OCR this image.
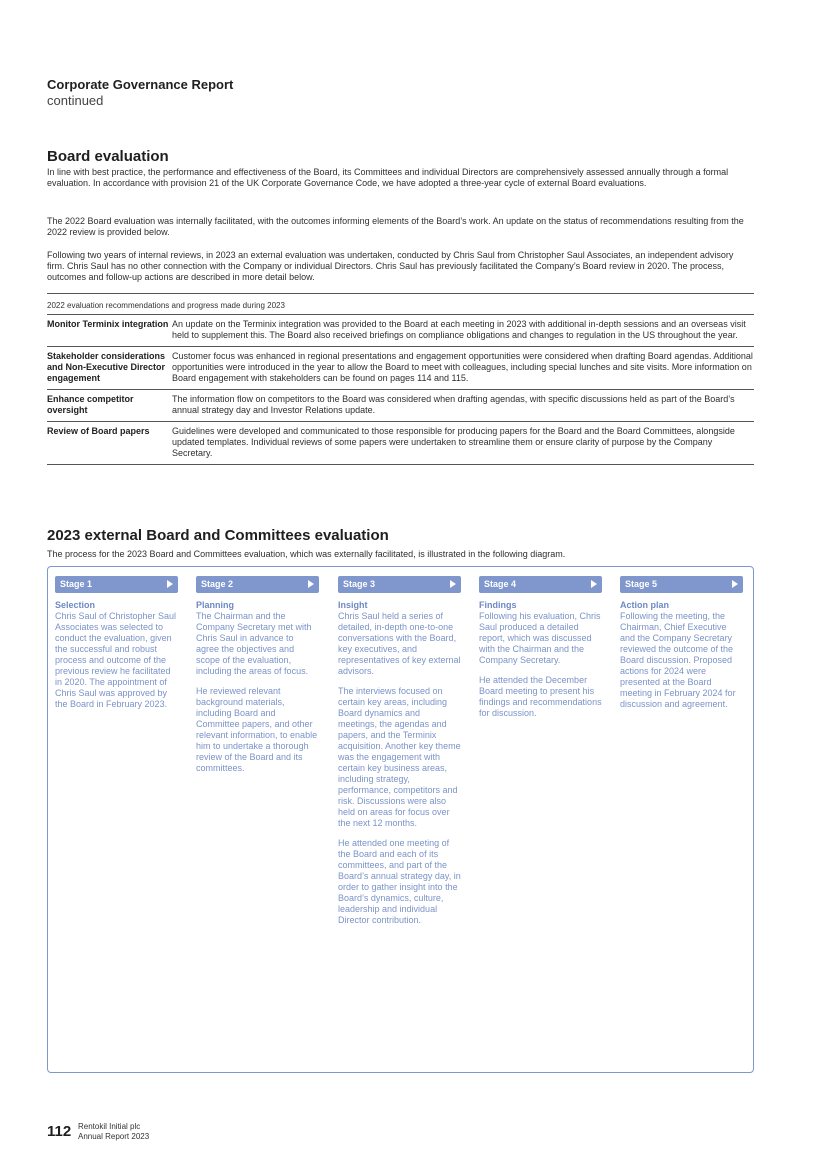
Corporate Governance Report
continued
Board evaluation
In line with best practice, the performance and effectiveness of the Board, its Committees and individual Directors are comprehensively assessed annually through a formal evaluation. In accordance with provision 21 of the UK Corporate Governance Code, we have adopted a three-year cycle of external Board evaluations.
The 2022 Board evaluation was internally facilitated, with the outcomes informing elements of the Board’s work. An update on the status of recommendations resulting from the 2022 review is provided below.
Following two years of internal reviews, in 2023 an external evaluation was undertaken, conducted by Chris Saul from Christopher Saul Associates, an independent advisory firm. Chris Saul has no other connection with the Company or individual Directors. Chris Saul has previously facilitated the Company’s Board review in 2020. The process, outcomes and follow-up actions are described in more detail below.
2022 evaluation recommendations and progress made during 2023
Monitor Terminix integration An update on the Terminix integration was provided to the Board at each meeting in 2023 with additional in-depth sessions and an overseas visit held to supplement this. The Board also received briefings on compliance obligations and changes to regulation in the US throughout the year.
Stakeholder considerations and Non-Executive Director engagement
Customer focus was enhanced in regional presentations and engagement opportunities were considered when drafting Board agendas. Additional opportunities were introduced in the year to allow the Board to meet with colleagues, including special lunches and site visits. More information on Board engagement with stakeholders can be found on pages 114 and 115.
Enhance competitor oversight
The information flow on competitors to the Board was considered when drafting agendas, with specific discussions held as part of the Board’s annual strategy day and Investor Relations update.
Review of Board papers	Guidelines were developed and communicated to those responsible for producing papers for the Board and the Board Committees, alongside updated templates. Individual reviews of some papers were undertaken to streamline them or ensure clarity of purpose by the Company Secretary.
2023 external Board and Committees evaluation
The process for the 2023 Board and Committees evaluation, which was externally facilitated, is illustrated in the following diagram.
Stage 1
Selection

Chris Saul of Christopher Saul Associates was selected to conduct the evaluation, given the successful and robust process and outcome of the previous review he facilitated in 2020. The appointment of Chris Saul was approved by the Board in February 2023.

Stage 2
Planning

The Chairman and the Company Secretary met with Chris Saul in advance to agree the objectives and scope of the evaluation, including the areas of focus.

He reviewed relevant background materials, including Board and Committee papers, and other relevant information, to enable him to undertake a thorough review of the Board and its committees.

Stage 3
Insight

Chris Saul held a series of detailed, in-depth one-to-one conversations with the Board, key executives, and representatives of key external advisors.

The interviews focused on certain key areas, including Board dynamics and meetings, the agendas and papers, and the Terminix acquisition. Another key theme was the engagement with certain key business areas, including strategy, performance, competitors and risk. Discussions were also held on areas for focus over the next 12 months.

He attended one meeting of the Board and each of its committees, and part of the Board’s annual strategy day, in order to gather insight into the Board’s dynamics, culture, leadership and individual Director contribution.

Stage 4
Findings

Following his evaluation, Chris Saul produced a detailed report, which was discussed with the Chairman and the Company Secretary.

He attended the December Board meeting to present his findings and recommendations for discussion.

Stage 5
Action plan

Following the meeting, the Chairman, Chief Executive and the Company Secretary reviewed the outcome of the Board discussion. Proposed actions for 2024 were presented at the Board meeting in February 2024 for discussion and agreement.

112 Rentokil Initial plc
Annual Report 2023
